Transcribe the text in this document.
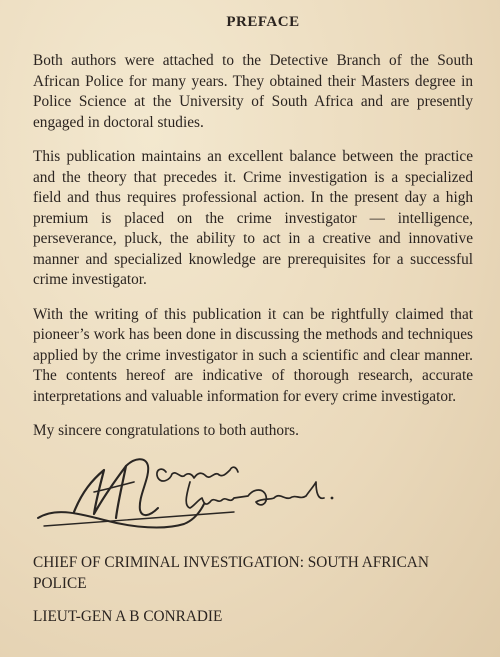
PREFACE

Both authors were attached to the Detective Branch of the South African Police for many years. They obtained their Masters degree in Police Science at the University of South Africa and are presently engaged in doctoral studies.

This publication maintains an excellent balance between the practice and the theory that precedes it. Crime investigation is a specialized field and thus requires professional action. In the present day a high premium is placed on the crime investigator — intelligence, perseverance, pluck, the ability to act in a creative and innovative manner and specialized knowledge are prerequisites for a successful crime investigator.

With the writing of this publication it can be rightfully claimed that pioneer’s work has been done in discussing the methods and techniques applied by the crime investigator in such a scientific and clear manner. The contents hereof are indicative of thorough research, accurate interpretations and valuable information for every crime investigator.

My sincere congratulations to both authors.

CHIEF OF CRIMINAL INVESTIGATION: SOUTH AFRICAN POLICE
LIEUT-GEN A B CONRADIE
